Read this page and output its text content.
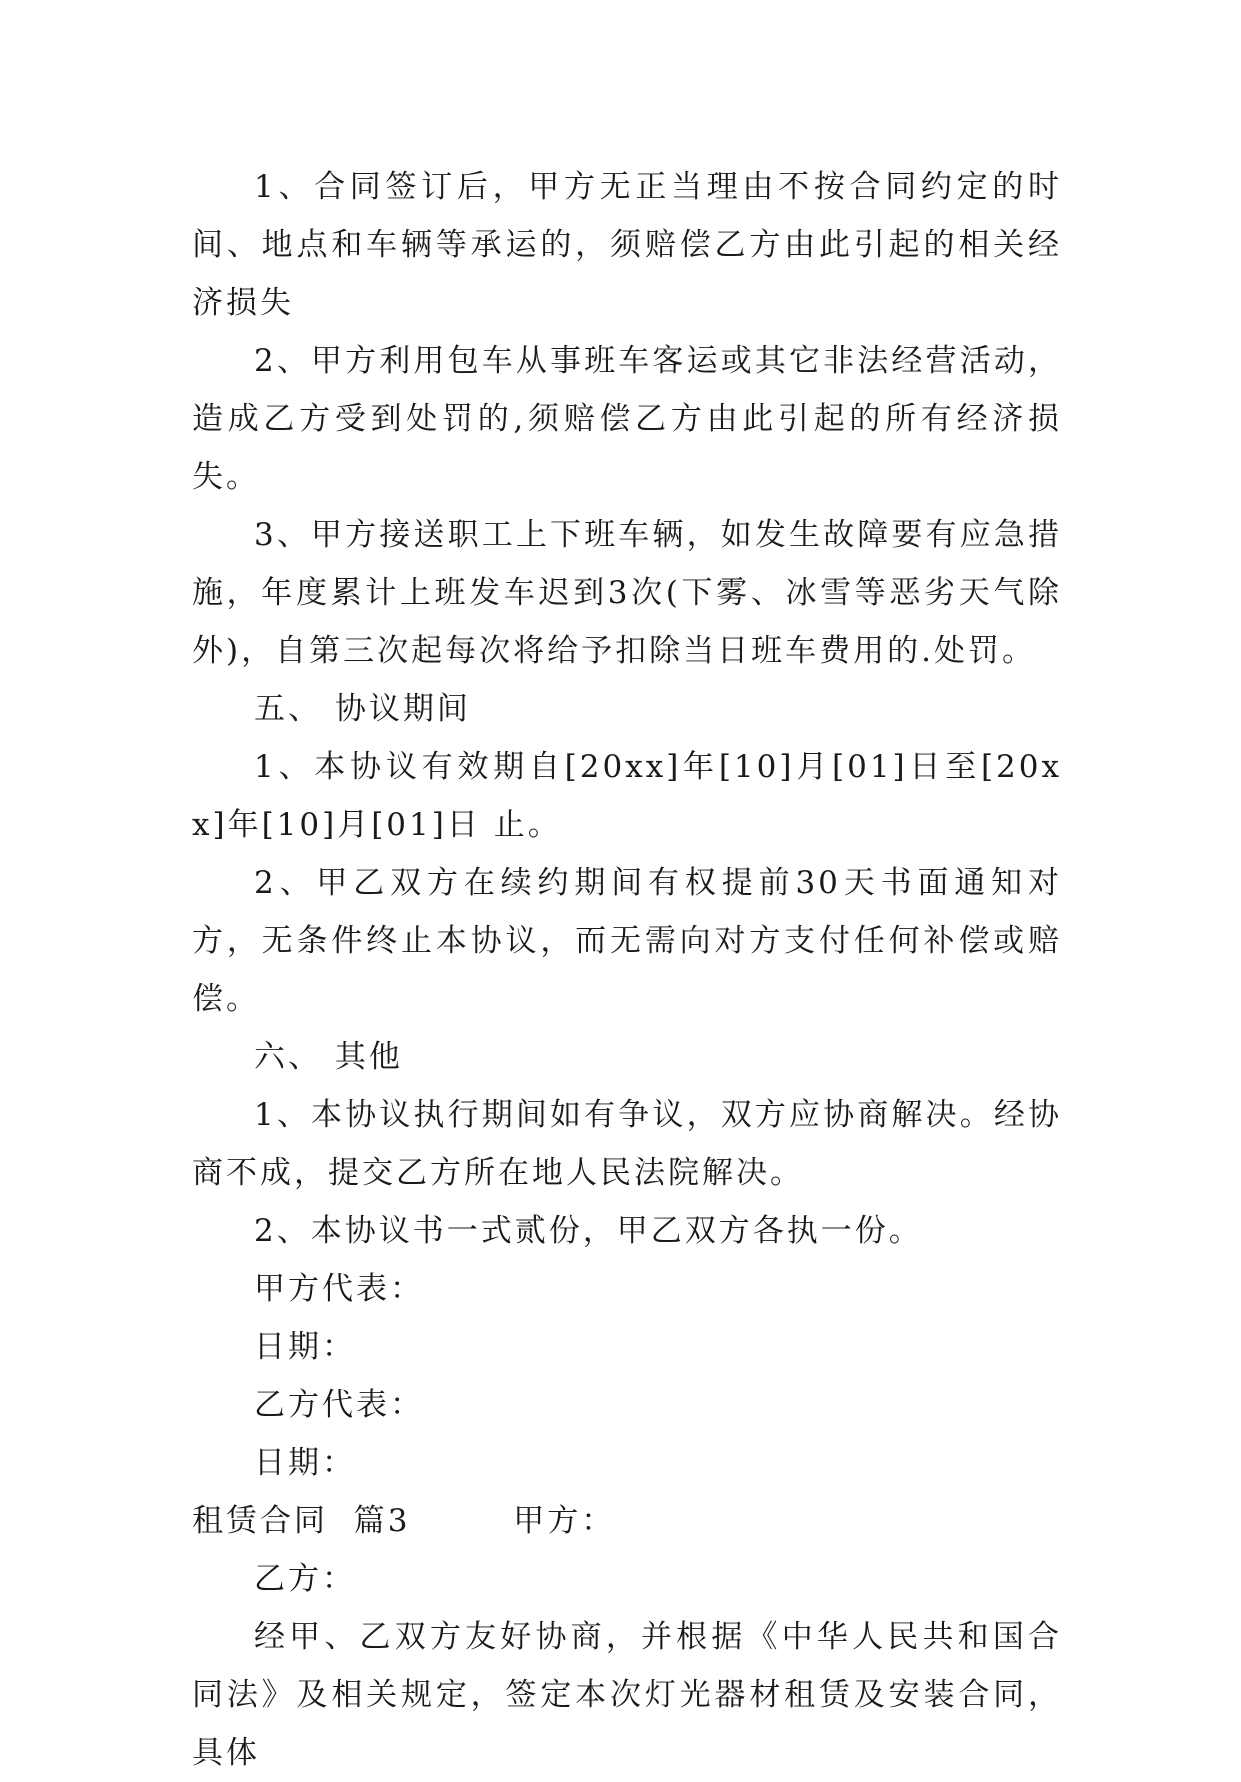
1、合同签订后，甲方无正当理由不按合同约定的时间、地点和车辆等承运的，须赔偿乙方由此引起的相关经济损失

2、甲方利用包车从事班车客运或其它非法经营活动，造成乙方受到处罚的,须赔偿乙方由此引起的所有经济损失。

3、甲方接送职工上下班车辆，如发生故障要有应急措施，年度累计上班发车迟到3次(下雾、冰雪等恶劣天气除外)，自第三次起每次将给予扣除当日班车费用的.处罚。

五、 协议期间

1、本协议有效期自[20xx]年[10]月[01]日至[20xx]年[10]月[01]日 止。

2、甲乙双方在续约期间有权提前30天书面通知对方，无条件终止本协议，而无需向对方支付任何补偿或赔偿。

六、 其他

1、本协议执行期间如有争议，双方应协商解决。经协商不成，提交乙方所在地人民法院解决。

2、本协议书一式贰份，甲乙双方各执一份。

甲方代表：

日期：

乙方代表：

日期：

租赁合同  篇3        甲方：

乙方：

经甲、乙双方友好协商，并根据《中华人民共和国合同法》及相关规定，签定本次灯光器材租赁及安装合同，具体
